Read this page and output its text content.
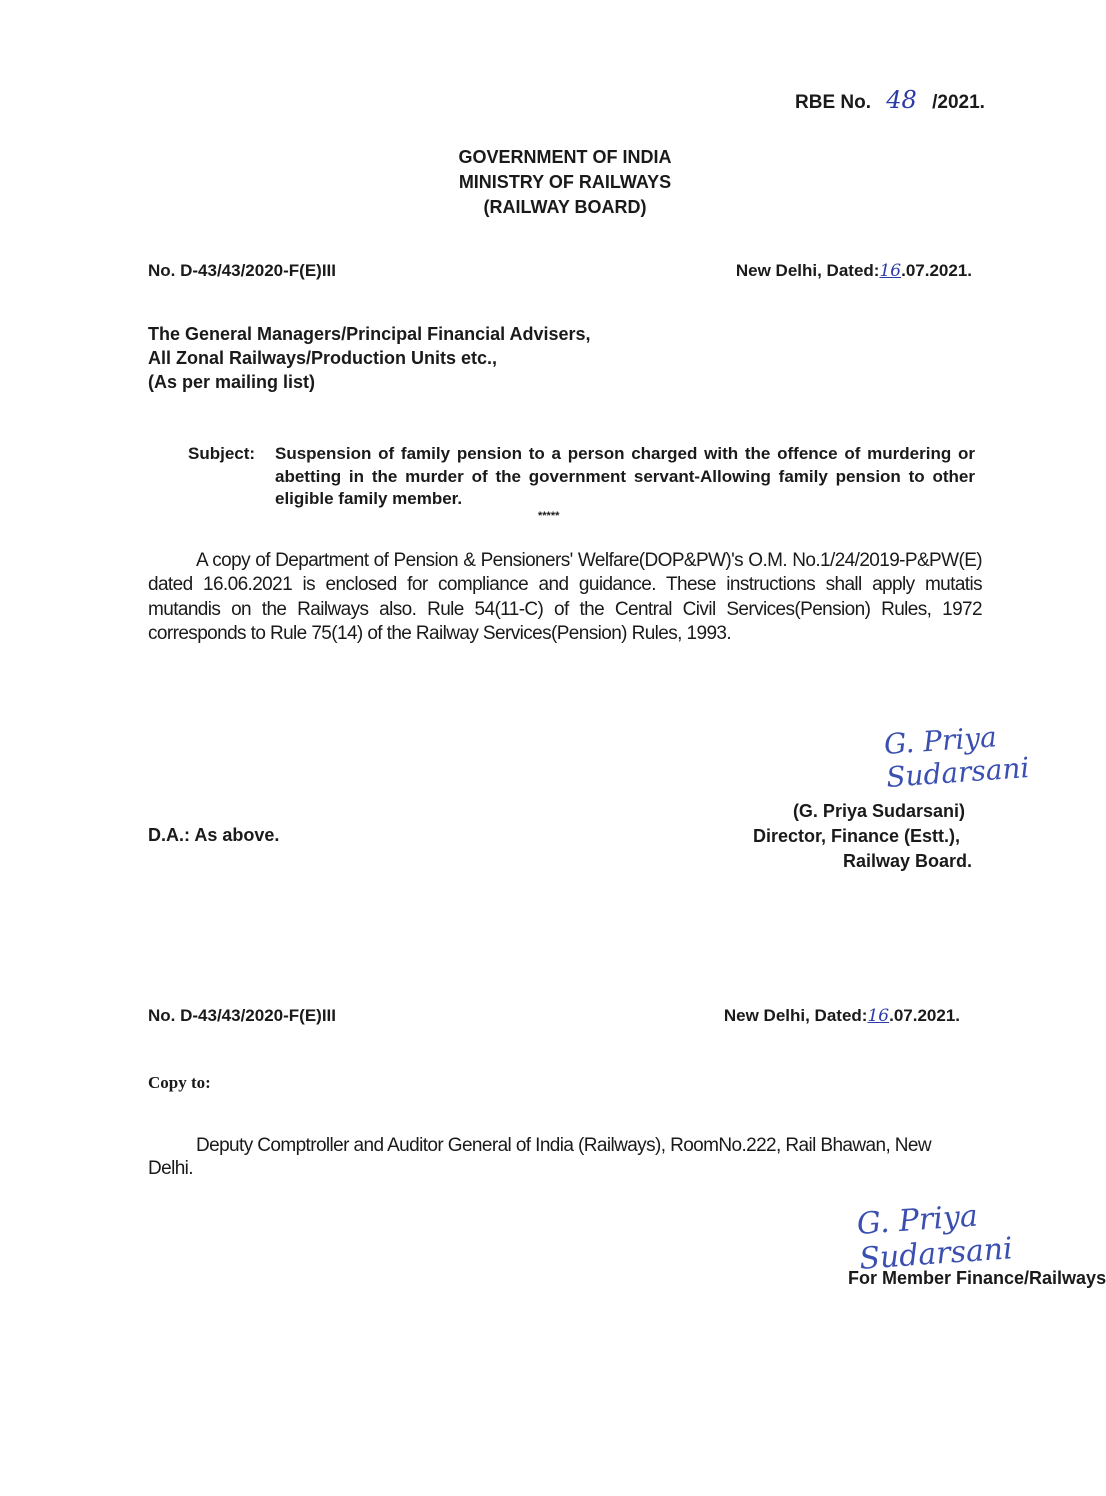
RBE No. 48 /2021.
GOVERNMENT OF INDIA
MINISTRY OF RAILWAYS
(RAILWAY BOARD)
No. D-43/43/2020-F(E)III	New Delhi, Dated:16.07.2021.
The General Managers/Principal Financial Advisers,
All Zonal Railways/Production Units etc.,
(As per mailing list)
Subject:	Suspension of family pension to a person charged with the offence of murdering or abetting in the murder of the government servant-Allowing family pension to other eligible family member.
*****
A copy of Department of Pension & Pensioners' Welfare(DOP&PW)'s O.M. No.1/24/2019-P&PW(E) dated 16.06.2021 is enclosed for compliance and guidance. These instructions shall apply mutatis mutandis on the Railways also. Rule 54(11-C) of the Central Civil Services(Pension) Rules, 1972 corresponds to Rule 75(14) of the Railway Services(Pension) Rules, 1993.
G. Priya Sudarsani
(G. Priya Sudarsani)
Director, Finance (Estt.),
Railway Board.
D.A.: As above.
No. D-43/43/2020-F(E)III	New Delhi, Dated:16.07.2021.
Copy to:
Deputy Comptroller and Auditor General of India (Railways), RoomNo.222, Rail Bhawan, New Delhi.
G. Priya Sudarsani
For Member Finance/Railways
